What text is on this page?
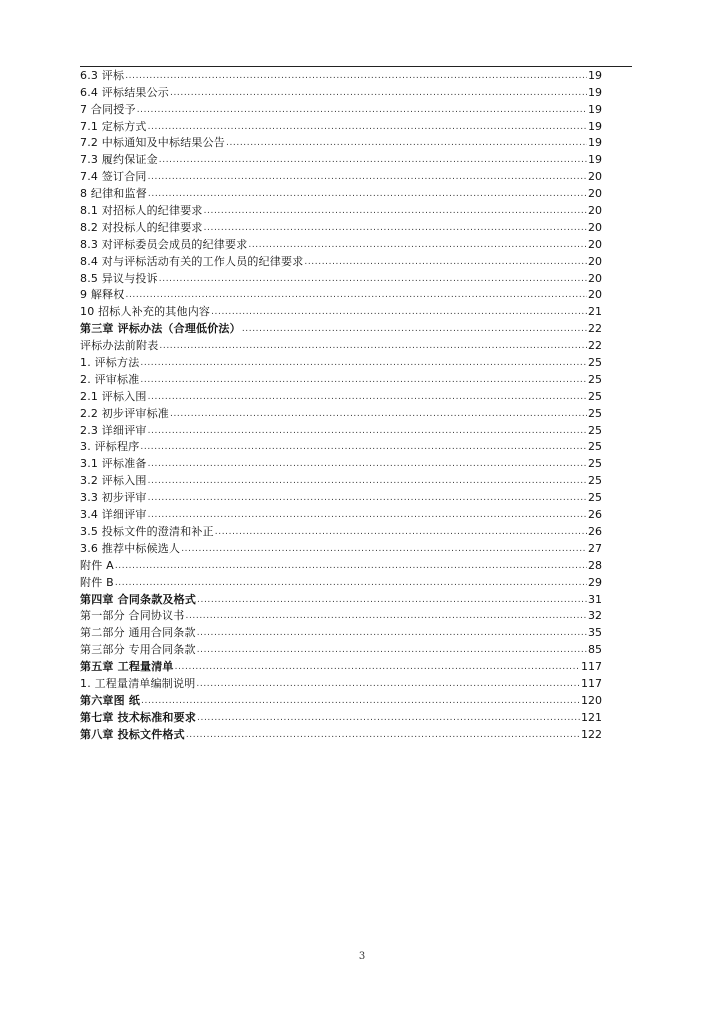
6.3 评标 .....	19
6.4 评标结果公示 .....	19
7 合同授予 .....	19
7.1 定标方式 .....	19
7.2 中标通知及中标结果公告 .....	19
7.3 履约保证金 .....	19
7.4 签订合同 .....	20
8 纪律和监督 .....	20
8.1 对招标人的纪律要求 .....	20
8.2 对投标人的纪律要求 .....	20
8.3 对评标委员会成员的纪律要求 .....	20
8.4 对与评标活动有关的工作人员的纪律要求 .....	20
8.5 异议与投诉 .....	20
9 解释权 .....	20
10 招标人补充的其他内容 .....	21
第三章 评标办法（合理低价法） .....	22
评标办法前附表 .....	22
1. 评标方法 .....	25
2. 评审标准 .....	25
2.1 评标入围 .....	25
2.2 初步评审标准 .....	25
2.3 详细评审 .....	25
3. 评标程序 .....	25
3.1 评标准备 .....	25
3.2 评标入围 .....	25
3.3 初步评审 .....	25
3.4 详细评审 .....	26
3.5 投标文件的澄清和补正 .....	26
3.6 推荐中标候选人 .....	27
附件 A .....	28
附件 B .....	29
第四章 合同条款及格式 .....	31
第一部分 合同协议书 .....	32
第二部分 通用合同条款 .....	35
第三部分 专用合同条款 .....	85
第五章 工程量清单 .....	117
1. 工程量清单编制说明 .....	117
第六章图 纸 .....	120
第七章 技术标准和要求 .....	121
第八章 投标文件格式 .....	122
3
